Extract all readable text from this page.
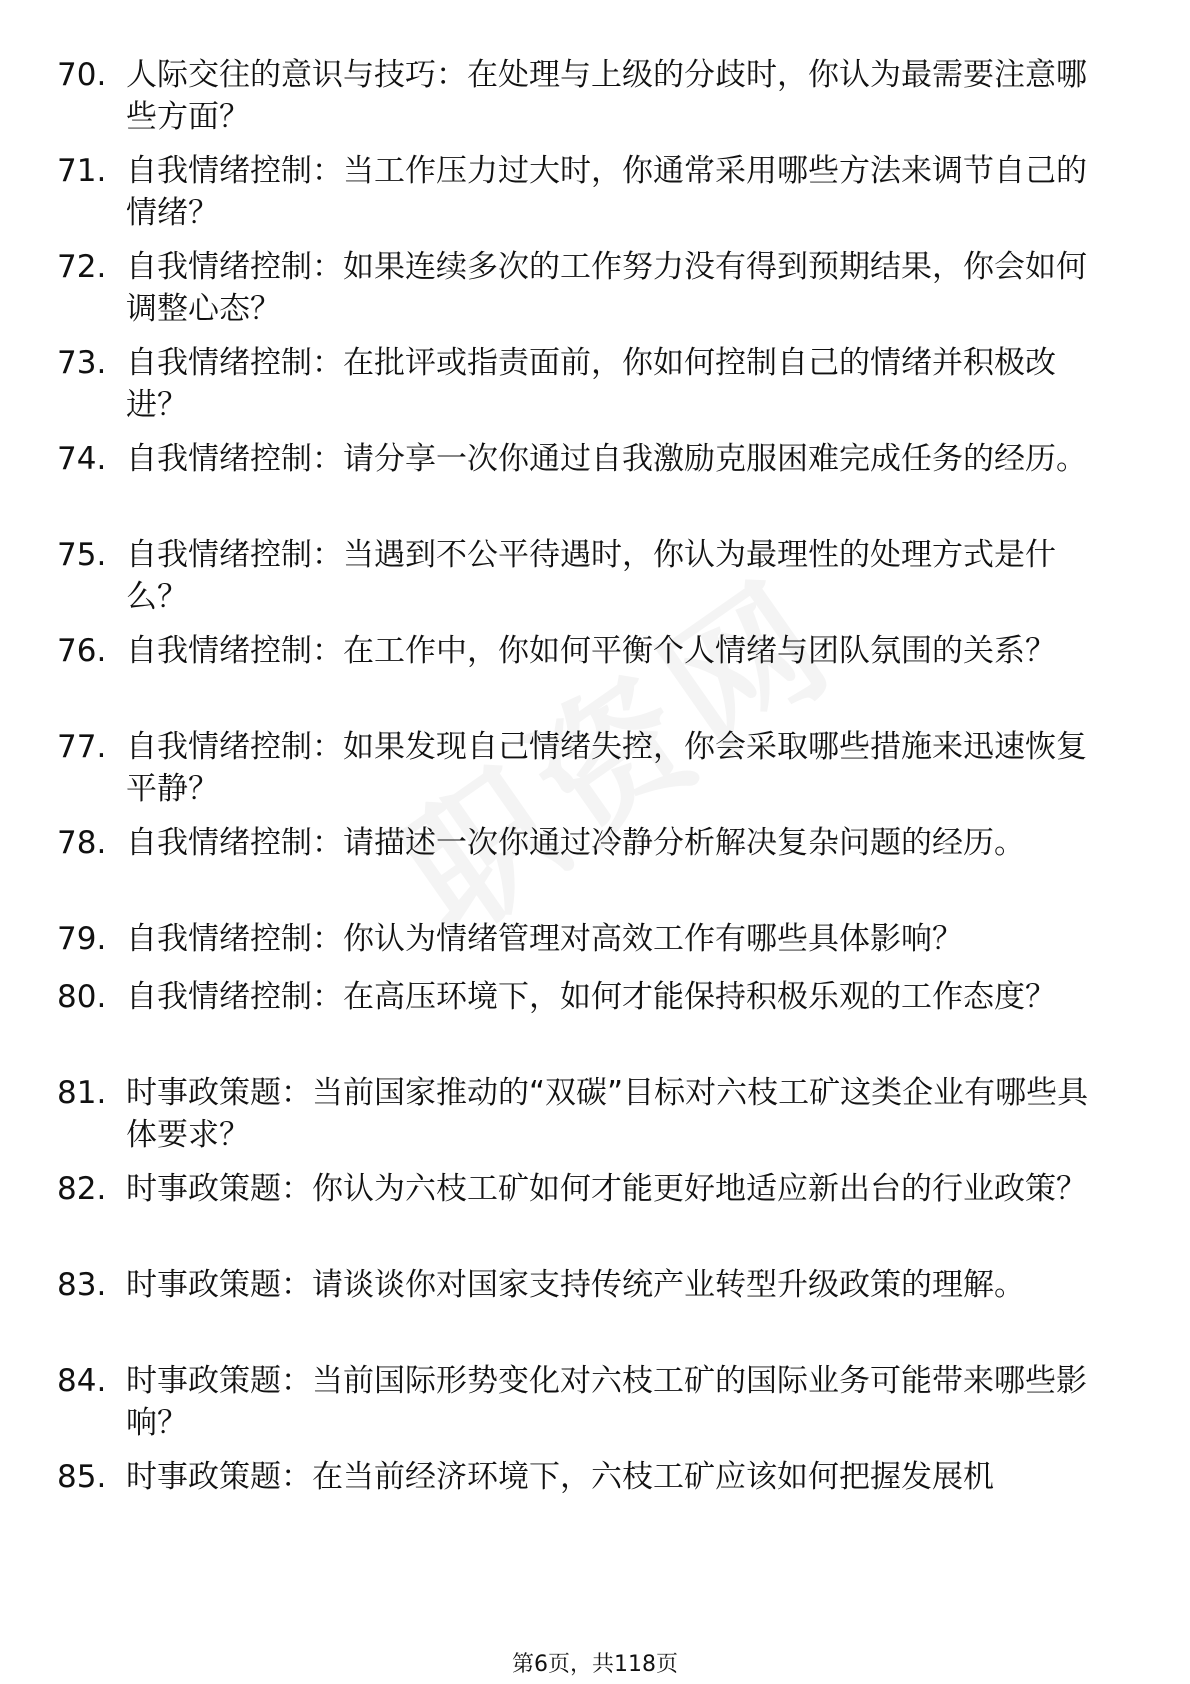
70. 人际交往的意识与技巧：在处理与上级的分歧时，你认为最需要注意哪些方面？
71. 自我情绪控制：当工作压力过大时，你通常采用哪些方法来调节自己的情绪？
72. 自我情绪控制：如果连续多次的工作努力没有得到预期结果，你会如何调整心态？
73. 自我情绪控制：在批评或指责面前，你如何控制自己的情绪并积极改进？
74. 自我情绪控制：请分享一次你通过自我激励克服困难完成任务的经历。
75. 自我情绪控制：当遇到不公平待遇时，你认为最理性的处理方式是什么？
76. 自我情绪控制：在工作中，你如何平衡个人情绪与团队氛围的关系？
77. 自我情绪控制：如果发现自己情绪失控，你会采取哪些措施来迅速恢复平静？
78. 自我情绪控制：请描述一次你通过冷静分析解决复杂问题的经历。
79. 自我情绪控制：你认为情绪管理对高效工作有哪些具体影响？
80. 自我情绪控制：在高压环境下，如何才能保持积极乐观的工作态度？
81. 时事政策题：当前国家推动的“双碳”目标对六枝工矿这类企业有哪些具体要求？
82. 时事政策题：你认为六枝工矿如何才能更好地适应新出台的行业政策？
83. 时事政策题：请谈谈你对国家支持传统产业转型升级政策的理解。
84. 时事政策题：当前国际形势变化对六枝工矿的国际业务可能带来哪些影响？
85. 时事政策题：在当前经济环境下，六枝工矿应该如何把握发展机
第6页，共118页
